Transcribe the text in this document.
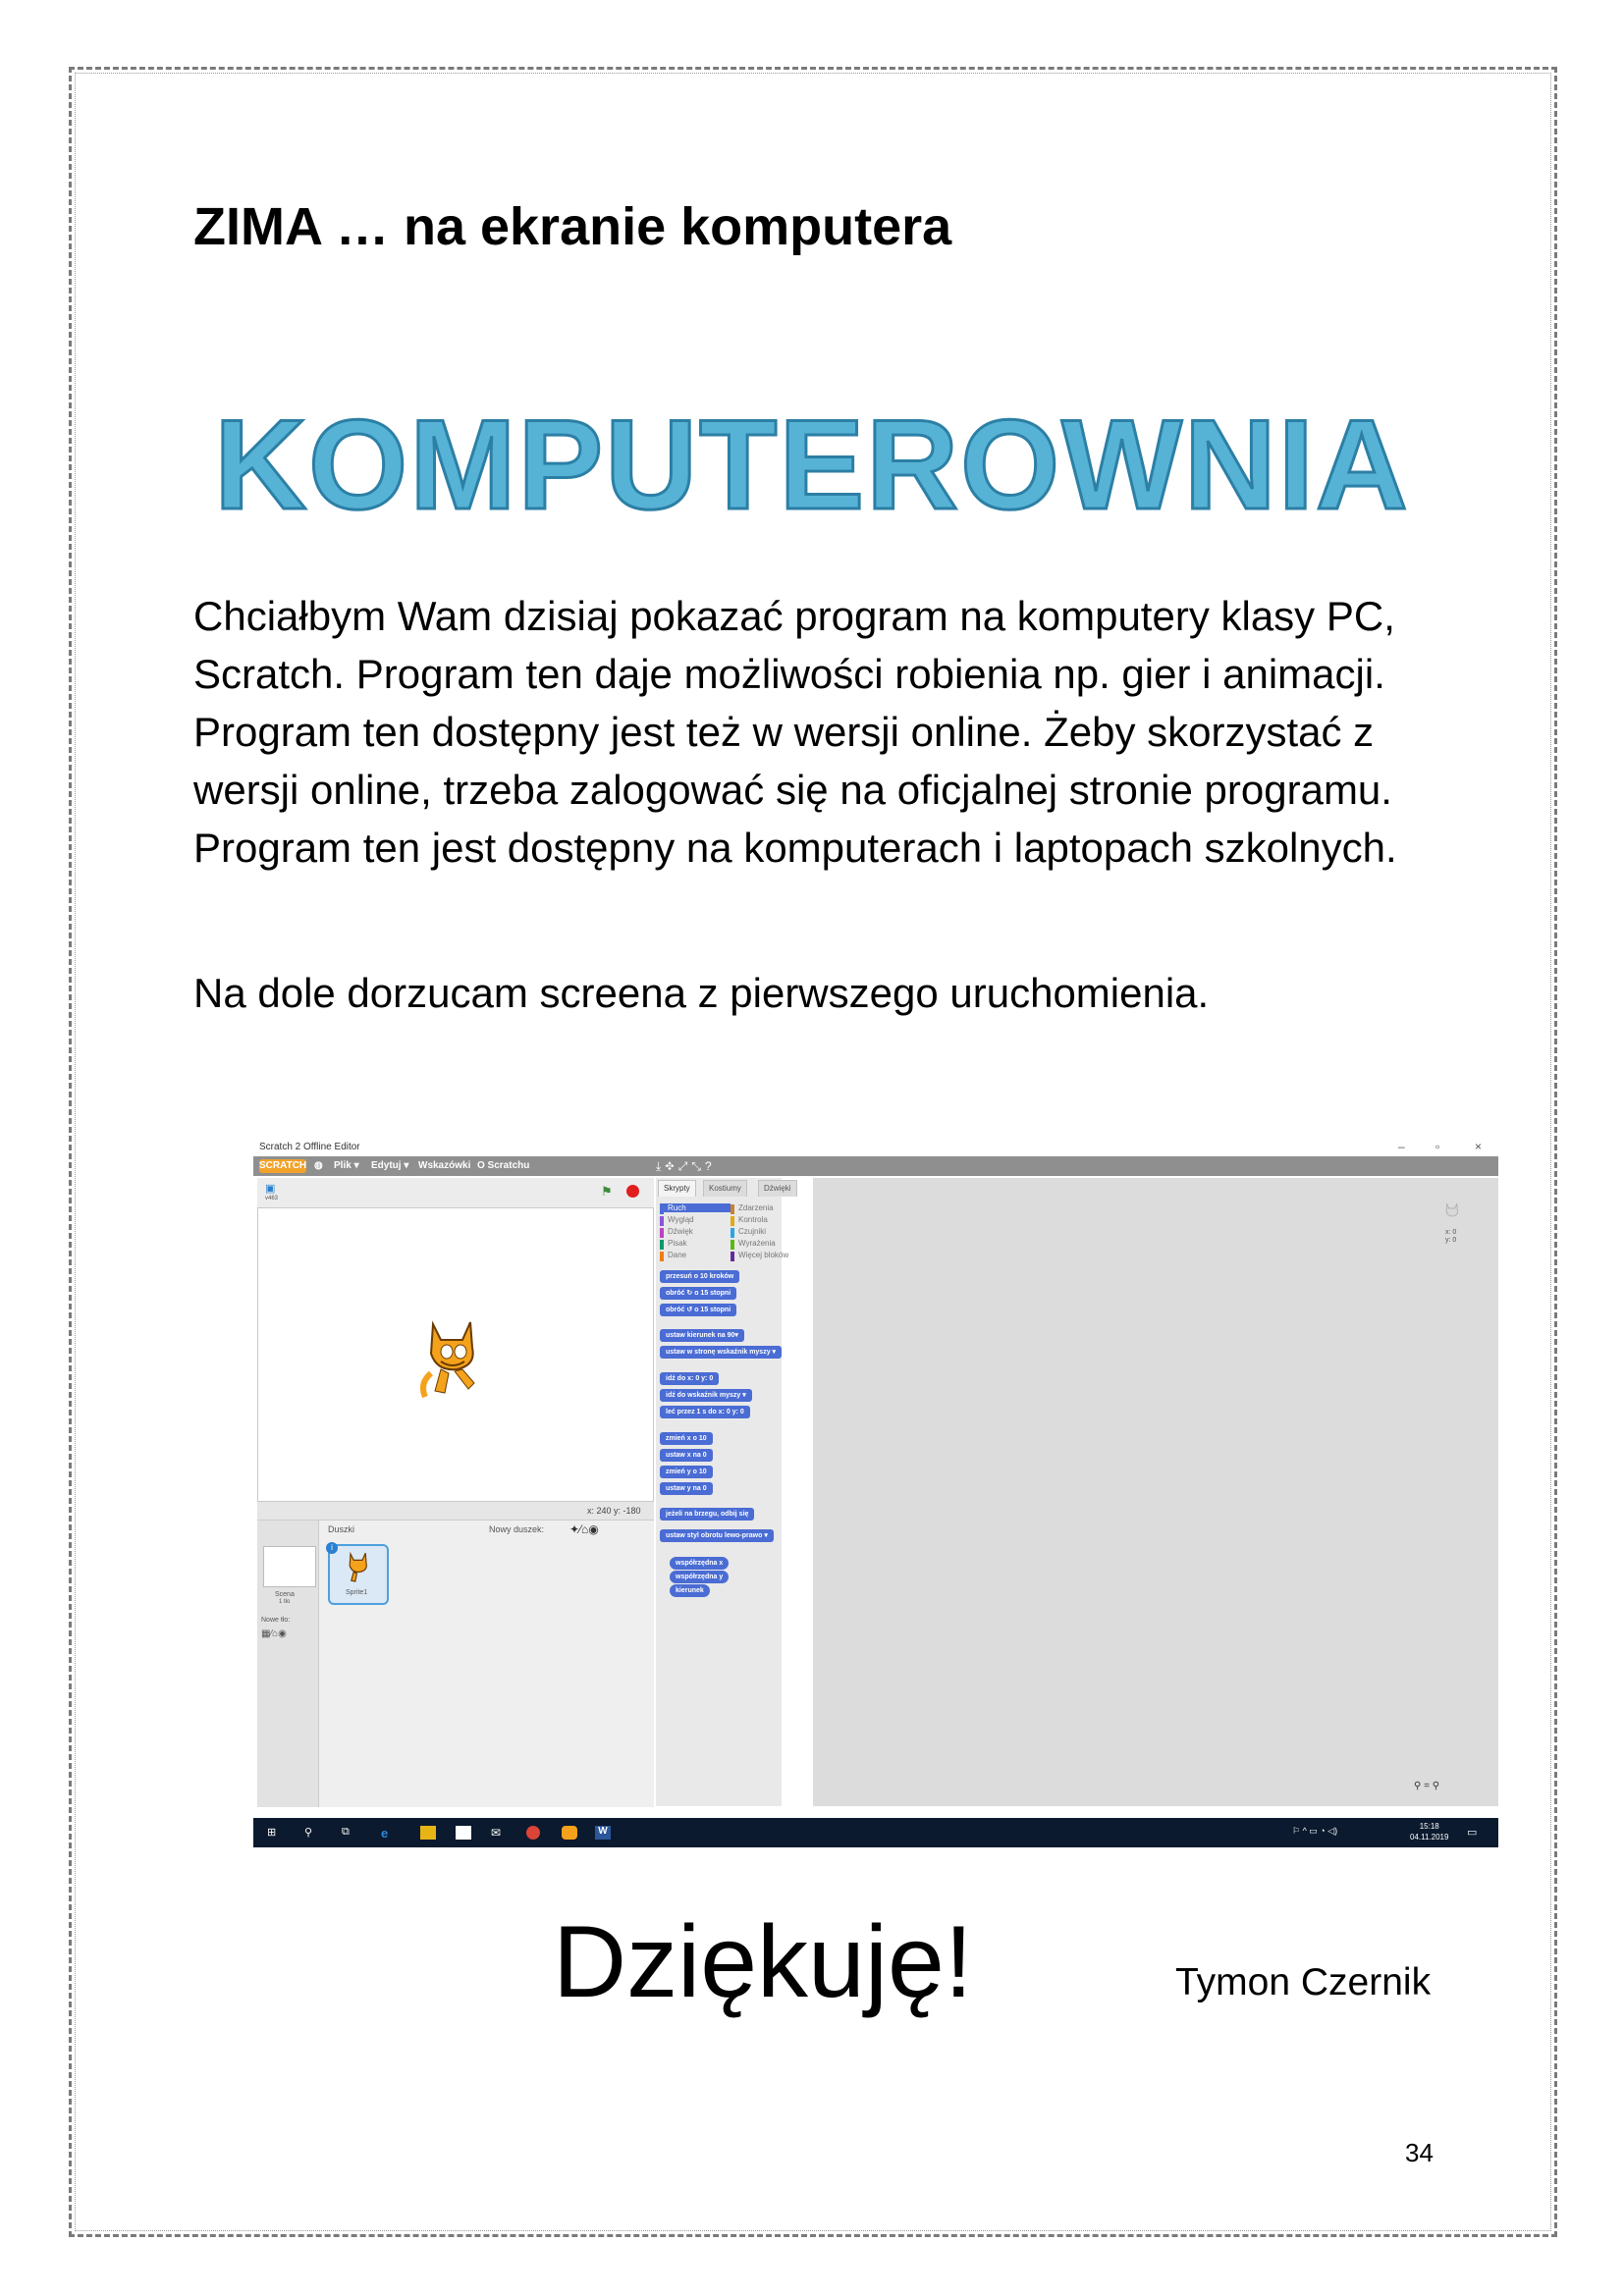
ZIMA … na ekranie komputera
KOMPUTEROWNIA

Chciałbym Wam dzisiaj pokazać program na komputery klasy PC, Scratch. Program ten daje możliwości robienia np. gier i animacji. Program ten dostępny jest też w wersji online. Żeby skorzystać z wersji online, trzeba zalogować się na oficjalnej stronie programu. Program ten jest dostępny na komputerach i laptopach szkolnych.

Na dole dorzucam screena z pierwszego uruchomienia.

Scratch 2 Offline Editor	–	▫	×
SCRATCH ◍ Plik ▾ Edytuj ▾ Wskazówki O Scratchu	⤓✥⤢⤡?
▣
v463	⚑
x: 240 y: -180
Scena
1 tło
Nowe tło:
▦⁄⌂◉
Duszki	Nowy duszek: ✦⁄⌂◉
i
Sprite1
Skrypty	Kostiumy	Dźwięki
Ruch
Wygląd
Dźwięk
Pisak
Dane
Zdarzenia
Kontrola
Czujniki
Wyrażenia
Więcej bloków
przesuń o 10 kroków
obróć ↻ o 15 stopni
obróć ↺ o 15 stopni
ustaw kierunek na 90▾
ustaw w stronę wskaźnik myszy ▾
idź do x: 0 y: 0
idź do wskaźnik myszy ▾
leć przez 1 s do x: 0 y: 0
zmień x o 10
ustaw x na 0
zmień y o 10
ustaw y na 0
jeżeli na brzegu, odbij się
ustaw styl obrotu lewo-prawo ▾
współrzędna x
współrzędna y
kierunek
x: 0
y: 0
⚲ = ⚲
⊞	⚲	⧉	e	✉	W	⚐ ^ ▭ ◔ ◁)	15:18
04.11.2019 ▭
Dziękuję!	Tymon Czernik
34
